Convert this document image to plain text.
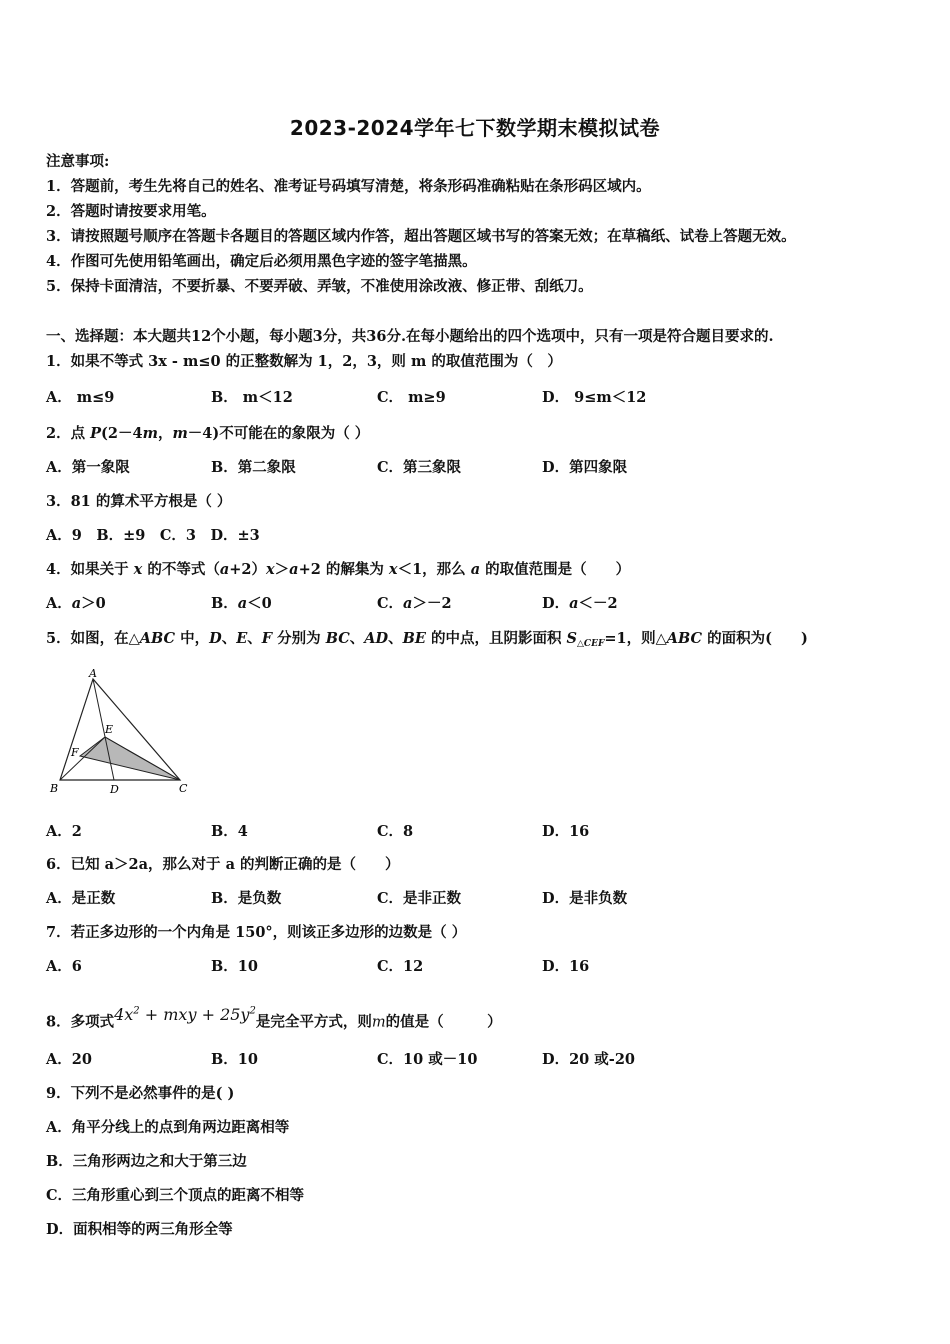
2023-2024学年七下数学期末模拟试卷
注意事项:
1．答题前，考生先将自己的姓名、准考证号码填写清楚，将条形码准确粘贴在条形码区域内。
2．答题时请按要求用笔。
3．请按照题号顺序在答题卡各题目的答题区域内作答，超出答题区域书写的答案无效；在草稿纸、试卷上答题无效。
4．作图可先使用铅笔画出，确定后必须用黑色字迹的签字笔描黑。
5．保持卡面清洁，不要折暴、不要弄破、弄皱，不准使用涂改液、修正带、刮纸刀。
一、选择题：本大题共12个小题，每小题3分，共36分.在每小题给出的四个选项中，只有一项是符合题目要求的.
1．如果不等式 3x - m≤0 的正整数解为 1，2，3，则 m 的取值范围为（　）
A． m≤9	B． m＜12	C． m≥9	D． 9≤m＜12
2．点 P(2－4m，m－4)不可能在的象限为（ ）
A．第一象限	B．第二象限	C．第三象限	D．第四象限
3．81 的算术平方根是（ ）
A．9　B．±9　C．3　D．±3
4．如果关于 x 的不等式（a+2）x＞a+2 的解集为 x＜1，那么 a 的取值范围是（　　）
A．a＞0	B．a＜0	C．a＞－2	D．a＜－2
5．如图，在△ABC 中，D、E、F 分别为 BC、AD、BE 的中点，且阴影面积 $S_{\triangle CEF}=1$，则△ABC 的面积为(　　)
A
E
F
B	D	C
A．2	B．4	C．8	D．16
6．已知 a＞2a，那么对于 a 的判断正确的是（　　）
A．是正数	B．是负数	C．是非正数	D．是非负数
7．若正多边形的一个内角是 150°，则该正多边形的边数是（ ）
A．6	B．10	C．12	D．16
8．多项式$4x^2$ + mxy + $25y^2$是完全平方式，则m的值是（　　　）
A．20	B．10	C．10 或－10	D．20 或-20
9．下列不是必然事件的是( )
A．角平分线上的点到角两边距离相等
B．三角形两边之和大于第三边
C．三角形重心到三个顶点的距离不相等
D．面积相等的两三角形全等
